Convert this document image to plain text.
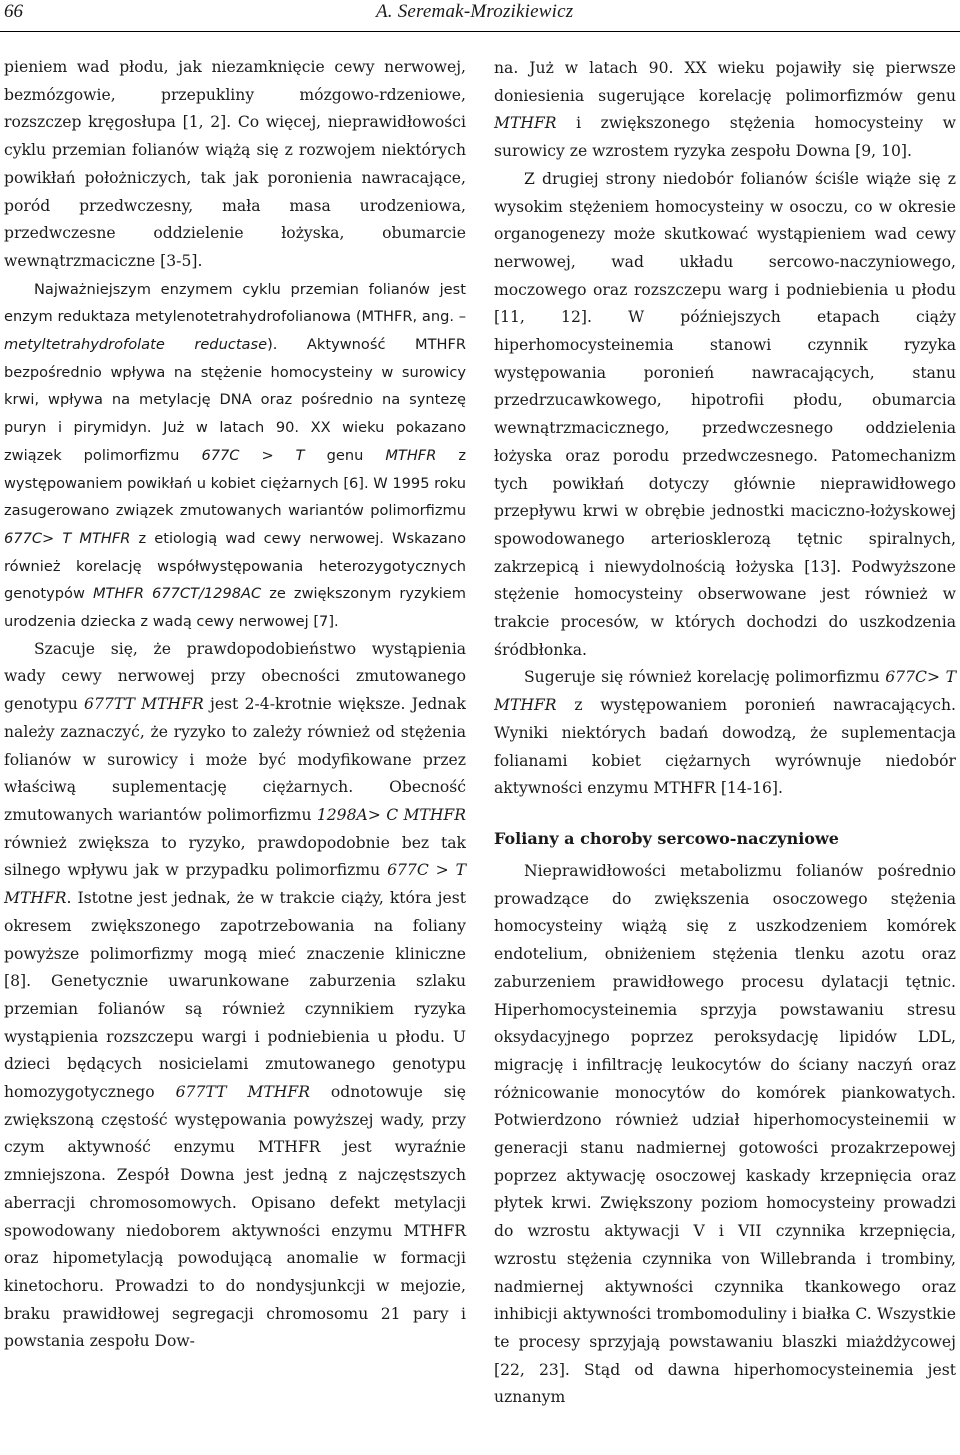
66	A. Seremak-Mrozikiewicz

pieniem wad płodu, jak niezamknięcie cewy nerwowej, bezmózgowie, przepukliny mózgowo-rdzeniowe, rozszczep kręgosłupa [1, 2]. Co więcej, nieprawidłowości cyklu przemian folianów wiążą się z rozwojem niektórych powikłań położniczych, tak jak poronienia nawracające, poród przedwczesny, mała masa urodzeniowa, przedwczesne oddzielenie łożyska, obumarcie wewnątrzmaciczne [3-5].

Najważniejszym enzymem cyklu przemian folianów jest enzym reduktaza metylenotetrahydrofolianowa (MTHFR, ang. – metyltetrahydrofolate reductase). Aktywność MTHFR bezpośrednio wpływa na stężenie homocysteiny w surowicy krwi, wpływa na metylację DNA oraz pośrednio na syntezę puryn i pirymidyn. Już w latach 90. XX wieku pokazano związek polimorfizmu 677C > T genu MTHFR z występowaniem powikłań u kobiet ciężarnych [6]. W 1995 roku zasugerowano związek zmutowanych wariantów polimorfizmu 677C> T MTHFR z etiologią wad cewy nerwowej. Wskazano również korelację współwystępowania heterozygotycznych genotypów MTHFR 677CT/1298AC ze zwiększonym ryzykiem urodzenia dziecka z wadą cewy nerwowej [7].

Szacuje się, że prawdopodobieństwo wystąpienia wady cewy nerwowej przy obecności zmutowanego genotypu 677TT MTHFR jest 2-4-krotnie większe. Jednak należy zaznaczyć, że ryzyko to zależy również od stężenia folianów w surowicy i może być modyfikowane przez właściwą suplementację ciężarnych. Obecność zmutowanych wariantów polimorfizmu 1298A> C MTHFR również zwiększa to ryzyko, prawdopodobnie bez tak silnego wpływu jak w przypadku polimorfizmu 677C > T MTHFR. Istotne jest jednak, że w trakcie ciąży, która jest okresem zwiększonego zapotrzebowania na foliany powyższe polimorfizmy mogą mieć znaczenie kliniczne [8]. Genetycznie uwarunkowane zaburzenia szlaku przemian folianów są również czynnikiem ryzyka wystąpienia rozszczepu wargi i podniebienia u płodu. U dzieci będących nosicielami zmutowanego genotypu homozygotycznego 677TT MTHFR odnotowuje się zwiększoną częstość występowania powyższej wady, przy czym aktywność enzymu MTHFR jest wyraźnie zmniejszona. Zespół Downa jest jedną z najczęstszych aberracji chromosomowych. Opisano defekt metylacji spowodowany niedoborem aktywności enzymu MTHFR oraz hipometylacją powodującą anomalie w formacji kinetochoru. Prowadzi to do nondysjunkcji w mejozie, braku prawidłowej segregacji chromosomu 21 pary i powstania zespołu Dow-

na. Już w latach 90. XX wieku pojawiły się pierwsze doniesienia sugerujące korelację polimorfizmów genu MTHFR i zwiększonego stężenia homocysteiny w surowicy ze wzrostem ryzyka zespołu Downa [9, 10].

Z drugiej strony niedobór folianów ściśle wiąże się z wysokim stężeniem homocysteiny w osoczu, co w okresie organogenezy może skutkować wystąpieniem wad cewy nerwowej, wad układu sercowo-naczyniowego, moczowego oraz rozszczepu warg i podniebienia u płodu [11, 12]. W późniejszych etapach ciąży hiperhomocysteinemia stanowi czynnik ryzyka występowania poronień nawracających, stanu przedrzucawkowego, hipotrofii płodu, obumarcia wewnątrzmacicznego, przedwczesnego oddzielenia łożyska oraz porodu przedwczesnego. Patomechanizm tych powikłań dotyczy głównie nieprawidłowego przepływu krwi w obrębie jednostki maciczno-łożyskowej spowodowanego arteriosklerozą tętnic spiralnych, zakrzepicą i niewydolnością łożyska [13]. Podwyższone stężenie homocysteiny obserwowane jest również w trakcie procesów, w których dochodzi do uszkodzenia śródbłonka.

Sugeruje się również korelację polimorfizmu 677C> T MTHFR z występowaniem poronień nawracających. Wyniki niektórych badań dowodzą, że suplementacja folianami kobiet ciężarnych wyrównuje niedobór aktywności enzymu MTHFR [14-16].

Foliany a choroby sercowo-naczyniowe

Nieprawidłowości metabolizmu folianów pośrednio prowadzące do zwiększenia osoczowego stężenia homocysteiny wiążą się z uszkodzeniem komórek endotelium, obniżeniem stężenia tlenku azotu oraz zaburzeniem prawidłowego procesu dylatacji tętnic. Hiperhomocysteinemia sprzyja powstawaniu stresu oksydacyjnego poprzez peroksydację lipidów LDL, migrację i infiltrację leukocytów do ściany naczyń oraz różnicowanie monocytów do komórek piankowatych. Potwierdzono również udział hiperhomocysteinemii w generacji stanu nadmiernej gotowości prozakrzepowej poprzez aktywację osoczowej kaskady krzepnięcia oraz płytek krwi. Zwiększony poziom homocysteiny prowadzi do wzrostu aktywacji V i VII czynnika krzepnięcia, wzrostu stężenia czynnika von Willebranda i trombiny, nadmiernej aktywności czynnika tkankowego oraz inhibicji aktywności trombomoduliny i białka C. Wszystkie te procesy sprzyjają powstawaniu blaszki miażdżycowej [22, 23]. Stąd od dawna hiperhomocysteinemia jest uznanym
